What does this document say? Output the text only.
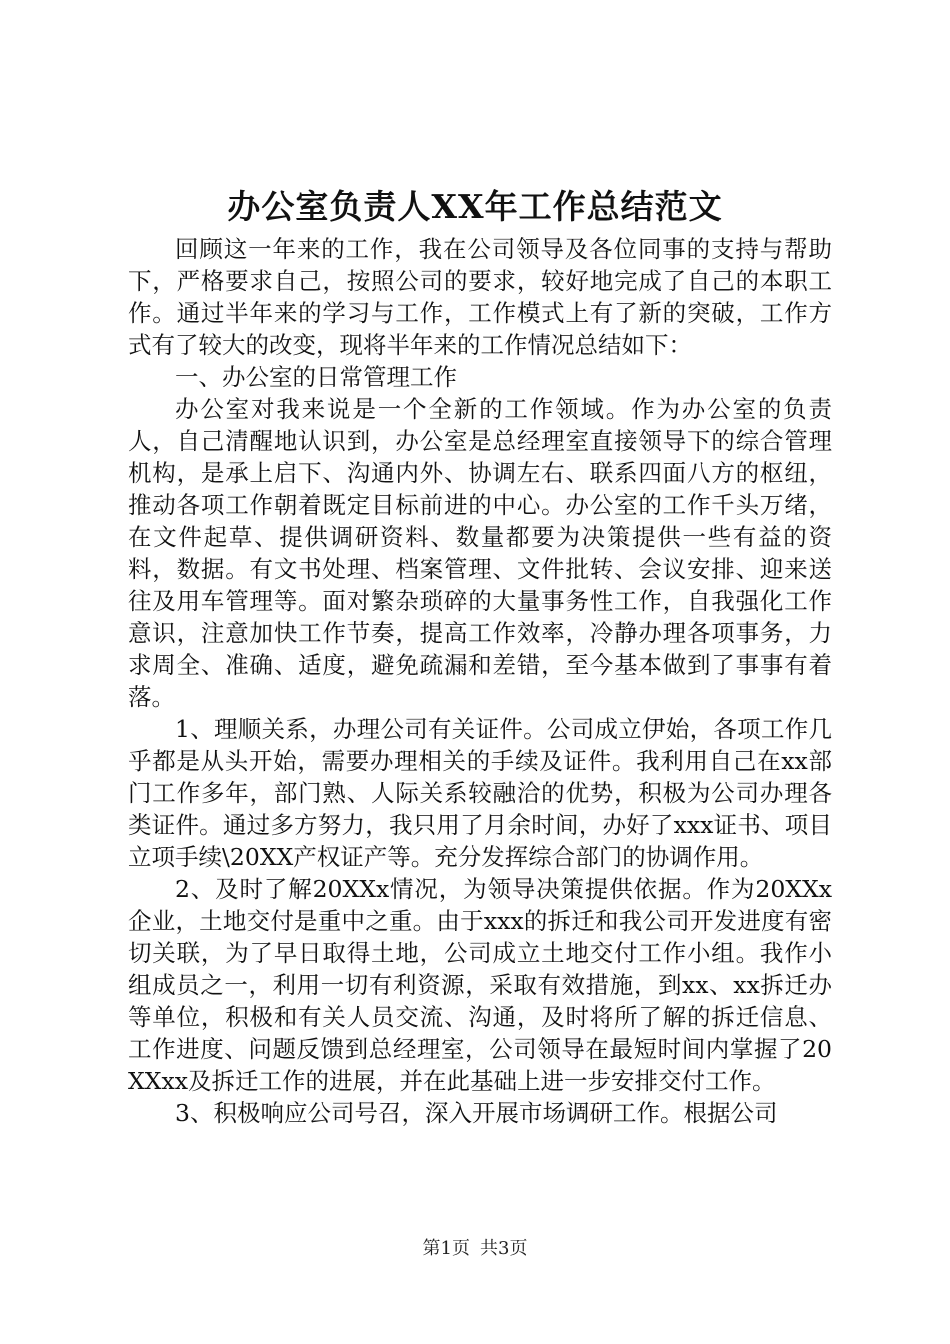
办公室负责人XX年工作总结范文

回顾这一年来的工作，我在公司领导及各位同事的支持与帮助下，严格要求自己，按照公司的要求，较好地完成了自己的本职工作。通过半年来的学习与工作，工作模式上有了新的突破，工作方式有了较大的改变，现将半年来的工作情况总结如下：

一、办公室的日常管理工作

办公室对我来说是一个全新的工作领域。作为办公室的负责人，自己清醒地认识到，办公室是总经理室直接领导下的综合管理机构，是承上启下、沟通内外、协调左右、联系四面八方的枢纽，推动各项工作朝着既定目标前进的中心。办公室的工作千头万绪，在文件起草、提供调研资料、数量都要为决策提供一些有益的资料，数据。有文书处理、档案管理、文件批转、会议安排、迎来送往及用车管理等。面对繁杂琐碎的大量事务性工作，自我强化工作意识，注意加快工作节奏，提高工作效率，冷静办理各项事务，力求周全、准确、适度，避免疏漏和差错，至今基本做到了事事有着落。

1、理顺关系，办理公司有关证件。公司成立伊始，各项工作几乎都是从头开始，需要办理相关的手续及证件。我利用自己在xx部门工作多年，部门熟、人际关系较融洽的优势，积极为公司办理各类证件。通过多方努力，我只用了月余时间，办好了xxx证书、项目立项手续\20XX产权证产等。充分发挥综合部门的协调作用。

2、及时了解20XXx情况，为领导决策提供依据。作为20XXx企业，土地交付是重中之重。由于xxx的拆迁和我公司开发进度有密切关联，为了早日取得土地，公司成立土地交付工作小组。我作小组成员之一，利用一切有利资源，采取有效措施，到xx、xx拆迁办等单位，积极和有关人员交流、沟通，及时将所了解的拆迁信息、工作进度、问题反馈到总经理室，公司领导在最短时间内掌握了20XXxx及拆迁工作的进展，并在此基础上进一步安排交付工作。

3、积极响应公司号召，深入开展市场调研工作。根据公司

第1页 共3页
